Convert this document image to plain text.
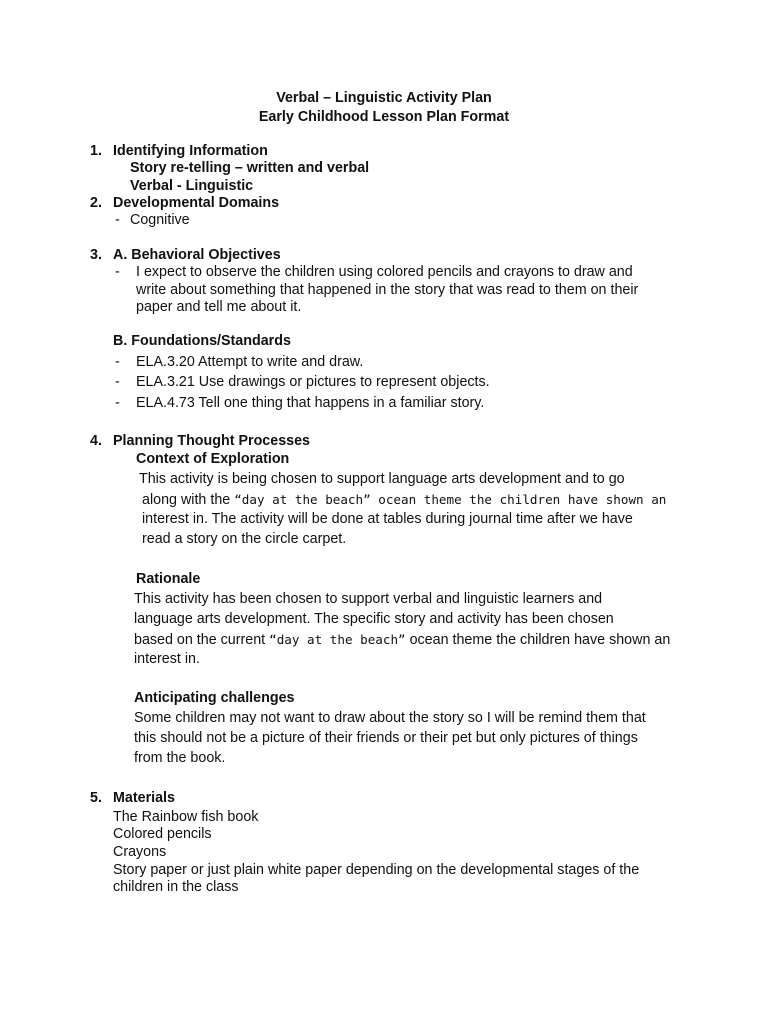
Verbal – Linguistic Activity Plan
Early Childhood Lesson Plan Format
1. Identifying Information
Story re-telling – written and verbal
Verbal - Linguistic
2. Developmental Domains
- Cognitive
3. A. Behavioral Objectives
- I expect to observe the children using colored pencils and crayons to draw and
write about something that happened in the story that was read to them on their
paper and tell me about it.
B. Foundations/Standards
- ELA.3.20 Attempt to write and draw.
- ELA.3.21 Use drawings or pictures to represent objects.
- ELA.4.73 Tell one thing that happens in a familiar story.
4. Planning Thought Processes
Context of Exploration
This activity is being chosen to support language arts development and to go
along with the “day at the beach” ocean theme the children have shown an
interest in. The activity will be done at tables during journal time after we have
read a story on the circle carpet.
Rationale
This activity has been chosen to support verbal and linguistic learners and
language arts development. The specific story and activity has been chosen
based on the current “day at the beach” ocean theme the children have shown an
interest in.
Anticipating challenges
Some children may not want to draw about the story so I will be remind them that
this should not be a picture of their friends or their pet but only pictures of things
from the book.
5. Materials
The Rainbow fish book
Colored pencils
Crayons
Story paper or just plain white paper depending on the developmental stages of the
children in the class
